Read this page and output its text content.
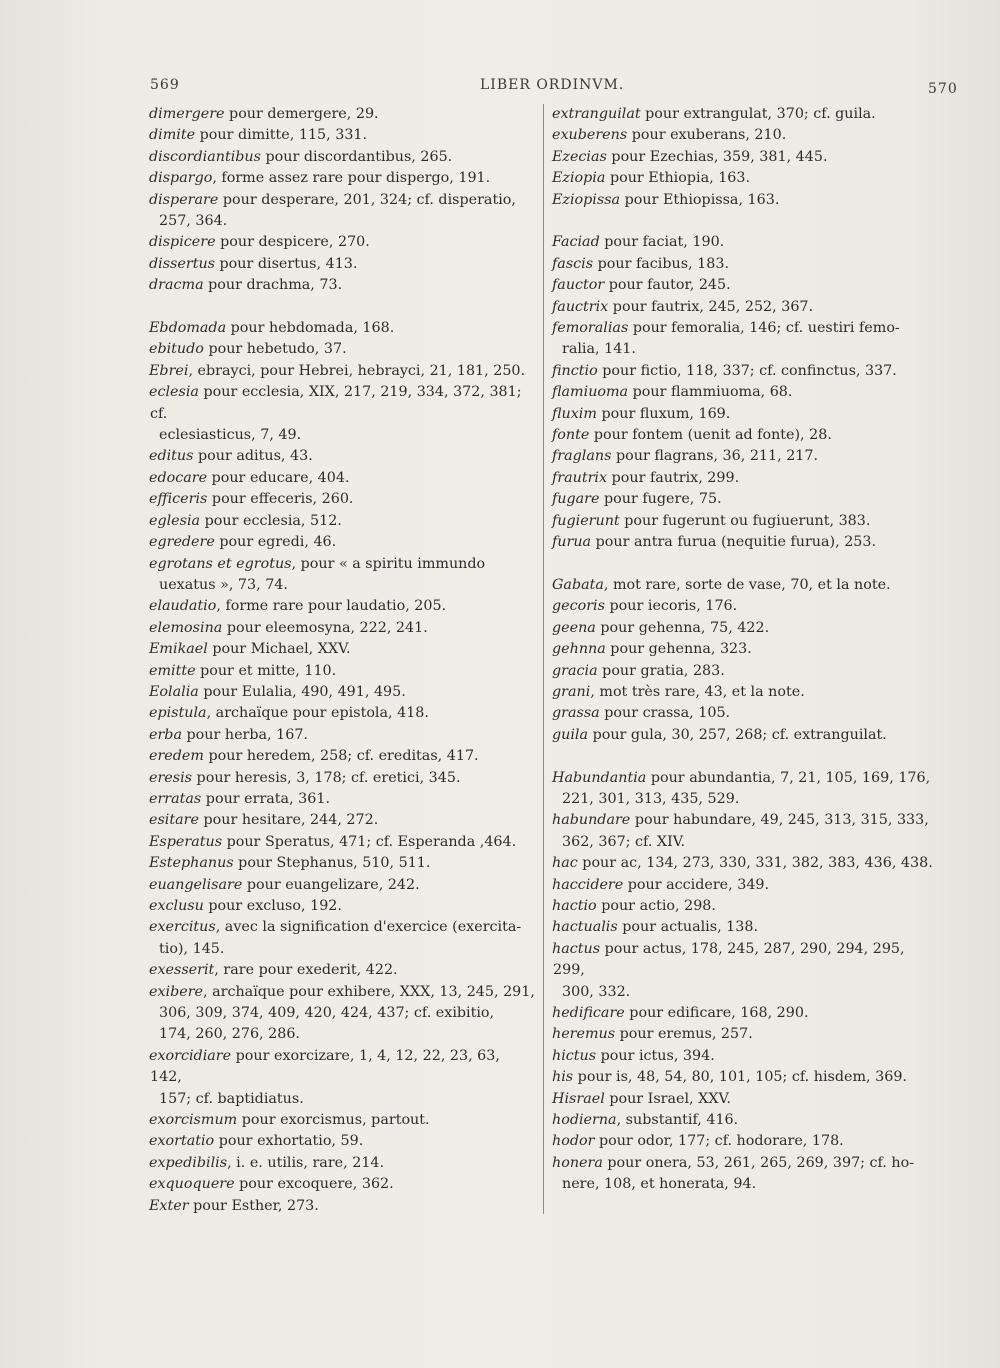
569	LIBER ORDINVM.	570
dimergere pour demergere, 29.
dimite pour dimitte, 115, 331.
discordiantibus pour discordantibus, 265.
dispargo, forme assez rare pour dispergo, 191.
disperare pour desperare, 201, 324; cf. disperatio,
257, 364.
dispicere pour despicere, 270.
dissertus pour disertus, 413.
dracma pour drachma, 73.
Ebdomada pour hebdomada, 168.
ebitudo pour hebetudo, 37.
Ebrei, ebrayci, pour Hebrei, hebrayci, 21, 181, 250.
eclesia pour ecclesia, XIX, 217, 219, 334, 372, 381; cf.
eclesiasticus, 7, 49.
editus pour aditus, 43.
edocare pour educare, 404.
efficeris pour effeceris, 260.
eglesia pour ecclesia, 512.
egredere pour egredi, 46.
egrotans et egrotus, pour « a spiritu immundo
uexatus », 73, 74.
elaudatio, forme rare pour laudatio, 205.
elemosina pour eleemosyna, 222, 241.
Emikael pour Michael, XXV.
emitte pour et mitte, 110.
Eolalia pour Eulalia, 490, 491, 495.
epistula, archaïque pour epistola, 418.
erba pour herba, 167.
eredem pour heredem, 258; cf. ereditas, 417.
eresis pour heresis, 3, 178; cf. eretici, 345.
erratas pour errata, 361.
esitare pour hesitare, 244, 272.
Esperatus pour Speratus, 471; cf. Esperanda ,464.
Estephanus pour Stephanus, 510, 511.
euangelisare pour euangelizare, 242.
exclusu pour excluso, 192.
exercitus, avec la signification d'exercice (exercita-
tio), 145.
exesserit, rare pour exederit, 422.
exibere, archaïque pour exhibere, XXX, 13, 245, 291,
306, 309, 374, 409, 420, 424, 437; cf. exibitio,
174, 260, 276, 286.
exorcidiare pour exorcizare, 1, 4, 12, 22, 23, 63, 142,
157; cf. baptidiatus.
exorcismum pour exorcismus, partout.
exortatio pour exhortatio, 59.
expedibilis, i. e. utilis, rare, 214.
exquoquere pour excoquere, 362.
Exter pour Esther, 273.
extranguilat pour extrangulat, 370; cf. guila.
exuberens pour exuberans, 210.
Ezecias pour Ezechias, 359, 381, 445.
Eziopia pour Ethiopia, 163.
Eziopissa pour Ethiopissa, 163.
Faciad pour faciat, 190.
fascis pour facibus, 183.
fauctor pour fautor, 245.
fauctrix pour fautrix, 245, 252, 367.
femoralias pour femoralia, 146; cf. uestiri femo-
ralia, 141.
finctio pour fictio, 118, 337; cf. confinctus, 337.
flamiuoma pour flammiuoma, 68.
fluxim pour fluxum, 169.
fonte pour fontem (uenit ad fonte), 28.
fraglans pour flagrans, 36, 211, 217.
frautrix pour fautrix, 299.
fugare pour fugere, 75.
fugierunt pour fugerunt ou fugiuerunt, 383.
furua pour antra furua (nequitie furua), 253.
Gabata, mot rare, sorte de vase, 70, et la note.
gecoris pour iecoris, 176.
geena pour gehenna, 75, 422.
gehnna pour gehenna, 323.
gracia pour gratia, 283.
grani, mot très rare, 43, et la note.
grassa pour crassa, 105.
guila pour gula, 30, 257, 268; cf. extranguilat.
Habundantia pour abundantia, 7, 21, 105, 169, 176,
221, 301, 313, 435, 529.
habundare pour habundare, 49, 245, 313, 315, 333,
362, 367; cf. XIV.
hac pour ac, 134, 273, 330, 331, 382, 383, 436, 438.
haccidere pour accidere, 349.
hactio pour actio, 298.
hactualis pour actualis, 138.
hactus pour actus, 178, 245, 287, 290, 294, 295, 299,
300, 332.
hedificare pour edificare, 168, 290.
heremus pour eremus, 257.
hictus pour ictus, 394.
his pour is, 48, 54, 80, 101, 105; cf. hisdem, 369.
Hisrael pour Israel, XXV.
hodierna, substantif, 416.
hodor pour odor, 177; cf. hodorare, 178.
honera pour onera, 53, 261, 265, 269, 397; cf. ho-
nere, 108, et honerata, 94.
